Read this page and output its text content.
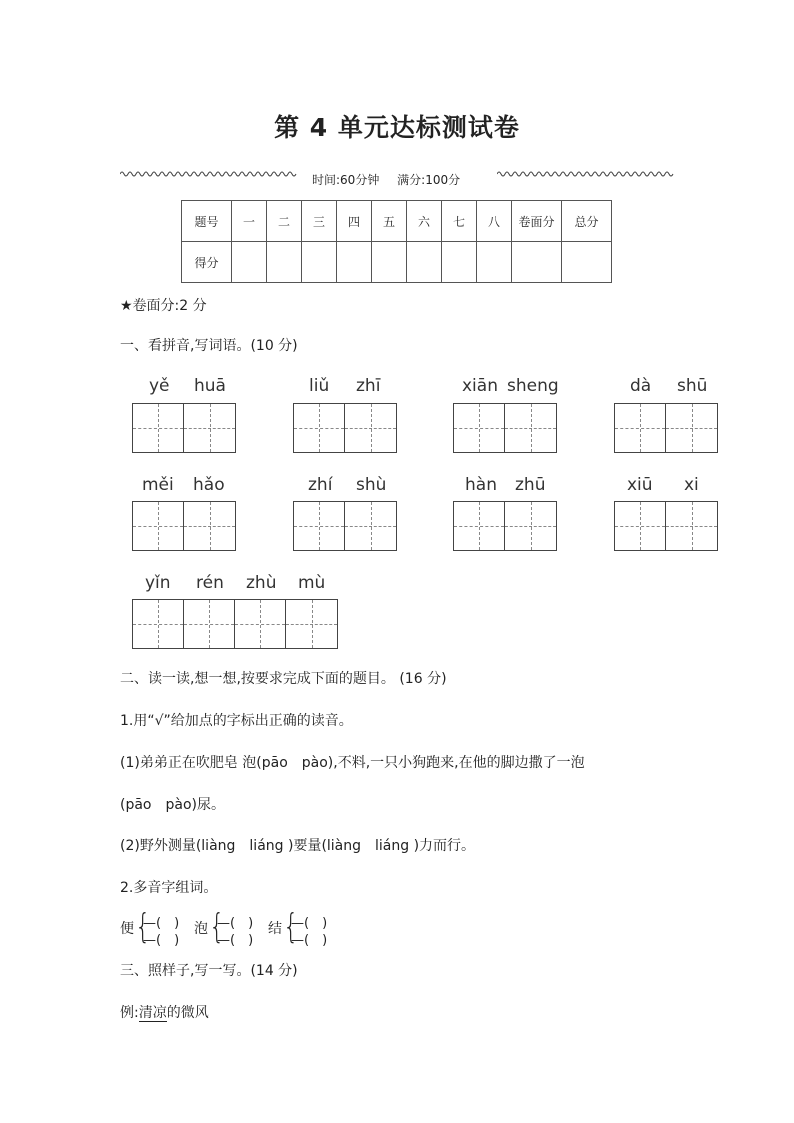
第 4 单元达标测试卷
时间:60分钟 满分:100分
题号	一	二	三	四	五	六	七	八	卷面分	总分
得分										
★卷面分:2 分
一、看拼音,写词语。(10 分)
yě huā	liǔ zhī	xiān sheng	dà shū
měi hǎo	zhí shù	hàn zhū	xiū xi
yǐn rén zhù mù
二、读一读,想一想,按要求完成下面的题目。 (16 分)
1.用“√”给加点的字标出正确的读音。
(1)弟弟正在吹肥皂 泡(pāo　pào),不料,一只小狗跑来,在他的脚边撒了一泡
(pāo　pào)尿。
(2)野外测量(liàng　liáng )要量(liàng　liáng )力而行。
2.多音字组词。
便 {
—(　)
—(　)
泡 {
—(　)
—(　)
结 {
—(　)
—(　)
三、照样子,写一写。(14 分)
例:清凉的微风
